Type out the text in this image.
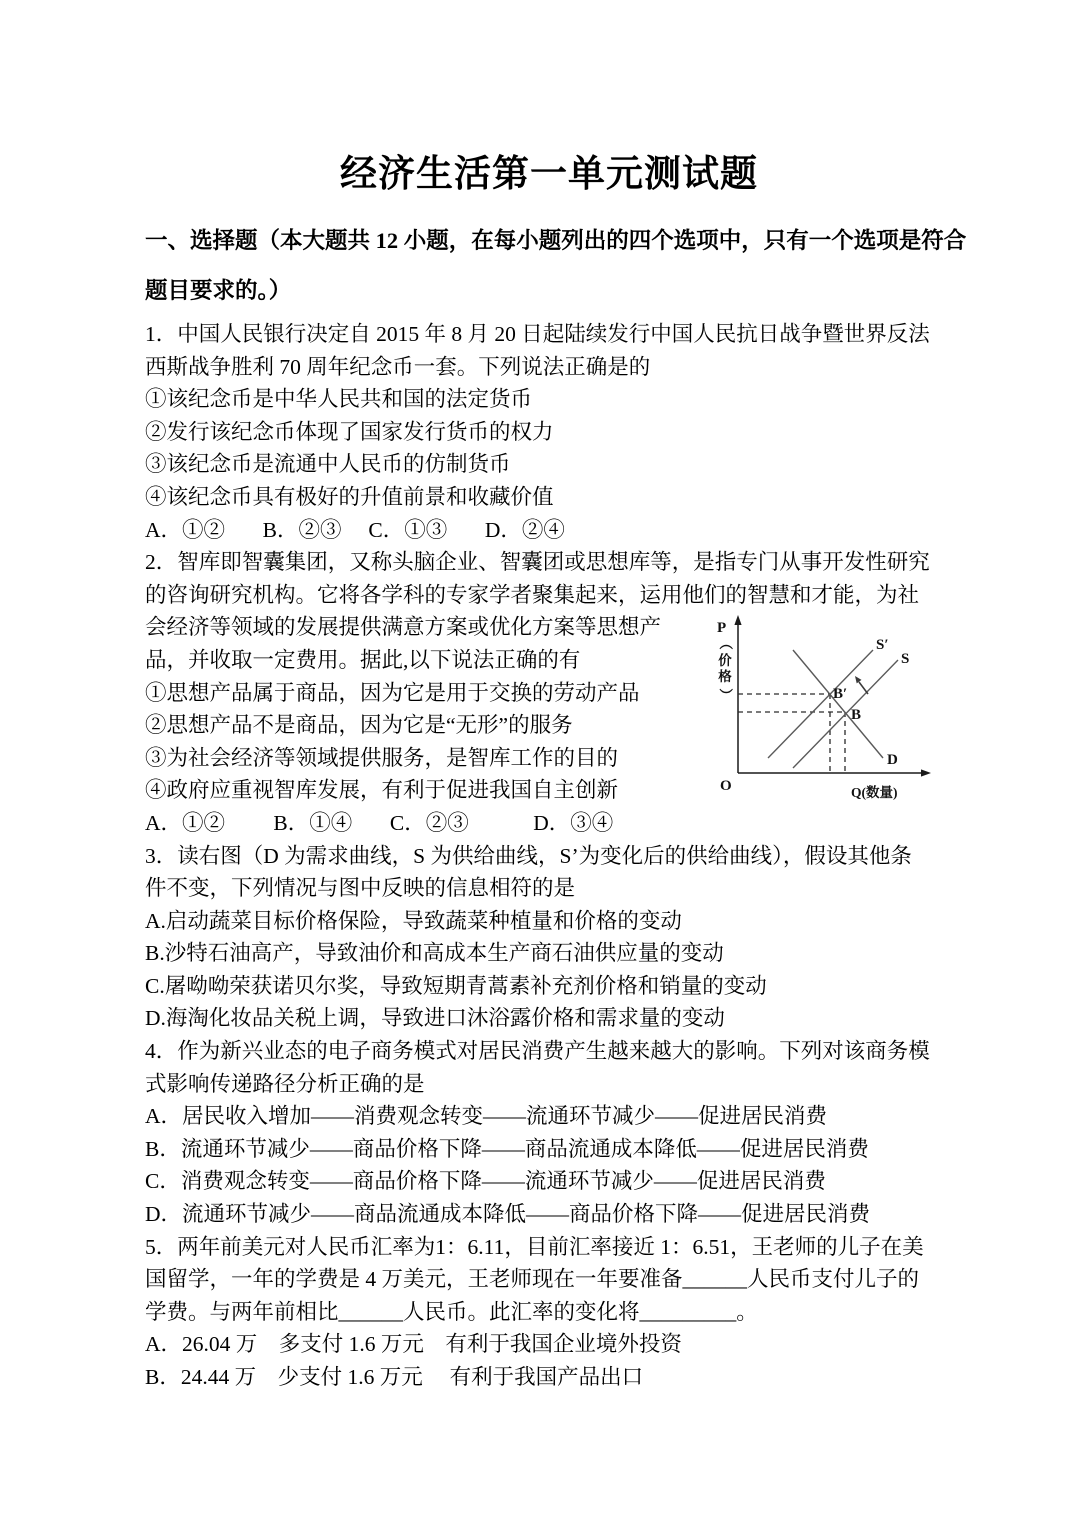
经济生活第一单元测试题
一、选择题（本大题共 12 小题，在每小题列出的四个选项中，只有一个选项是符合
题目要求的。）
1．中国人民银行决定自 2015 年 8 月 20 日起陆续发行中国人民抗日战争暨世界反法
西斯战争胜利 70 周年纪念币一套。下列说法正确是的
①该纪念币是中华人民共和国的法定货币
②发行该纪念币体现了国家发行货币的权力
③该纪念币是流通中人民币的仿制货币
④该纪念币具有极好的升值前景和收藏价值
A．①②       B．②③     C．①③       D．②④
2．智库即智囊集团，又称头脑企业、智囊团或思想库等，是指专门从事开发性研究
的咨询研究机构。它将各学科的专家学者聚集起来，运用他们的智慧和才能，为社
会经济等领域的发展提供满意方案或优化方案等思想产
品，并收取一定费用。据此,以下说法正确的有
①思想产品属于商品，因为它是用于交换的劳动产品
②思想产品不是商品，因为它是“无形”的服务
③为社会经济等领域提供服务，是智库工作的目的
④政府应重视智库发展，有利于促进我国自主创新
A．①②         B．①④       C．②③            D．③④
3．读右图（D 为需求曲线，S 为供给曲线，S’为变化后的供给曲线），假设其他条
件不变，下列情况与图中反映的信息相符的是
A.启动蔬菜目标价格保险，导致蔬菜种植量和价格的变动
B.沙特石油高产，导致油价和高成本生产商石油供应量的变动
C.屠呦呦荣获诺贝尔奖，导致短期青蒿素补充剂价格和销量的变动
D.海淘化妆品关税上调，导致进口沐浴露价格和需求量的变动
4．作为新兴业态的电子商务模式对居民消费产生越来越大的影响。下列对该商务模
式影响传递路径分析正确的是
A．居民收入增加——消费观念转变——流通环节减少——促进居民消费
B．流通环节减少——商品价格下降——商品流通成本降低——促进居民消费
C．消费观念转变——商品价格下降——流通环节减少——促进居民消费
D．流通环节减少——商品流通成本降低——商品价格下降——促进居民消费
5．两年前美元对人民币汇率为1：6.11，目前汇率接近 1：6.51，王老师的儿子在美
国留学，一年的学费是 4 万美元，王老师现在一年要准备______人民币支付儿子的
学费。与两年前相比______人民币。此汇率的变化将_________。
A．26.04 万    多支付 1.6 万元    有利于我国企业境外投资
B．24.44 万    少支付 1.6 万元     有利于我国产品出口
P
（
价
格
）
O	Q(数量)
S′
S
B′
B
D
